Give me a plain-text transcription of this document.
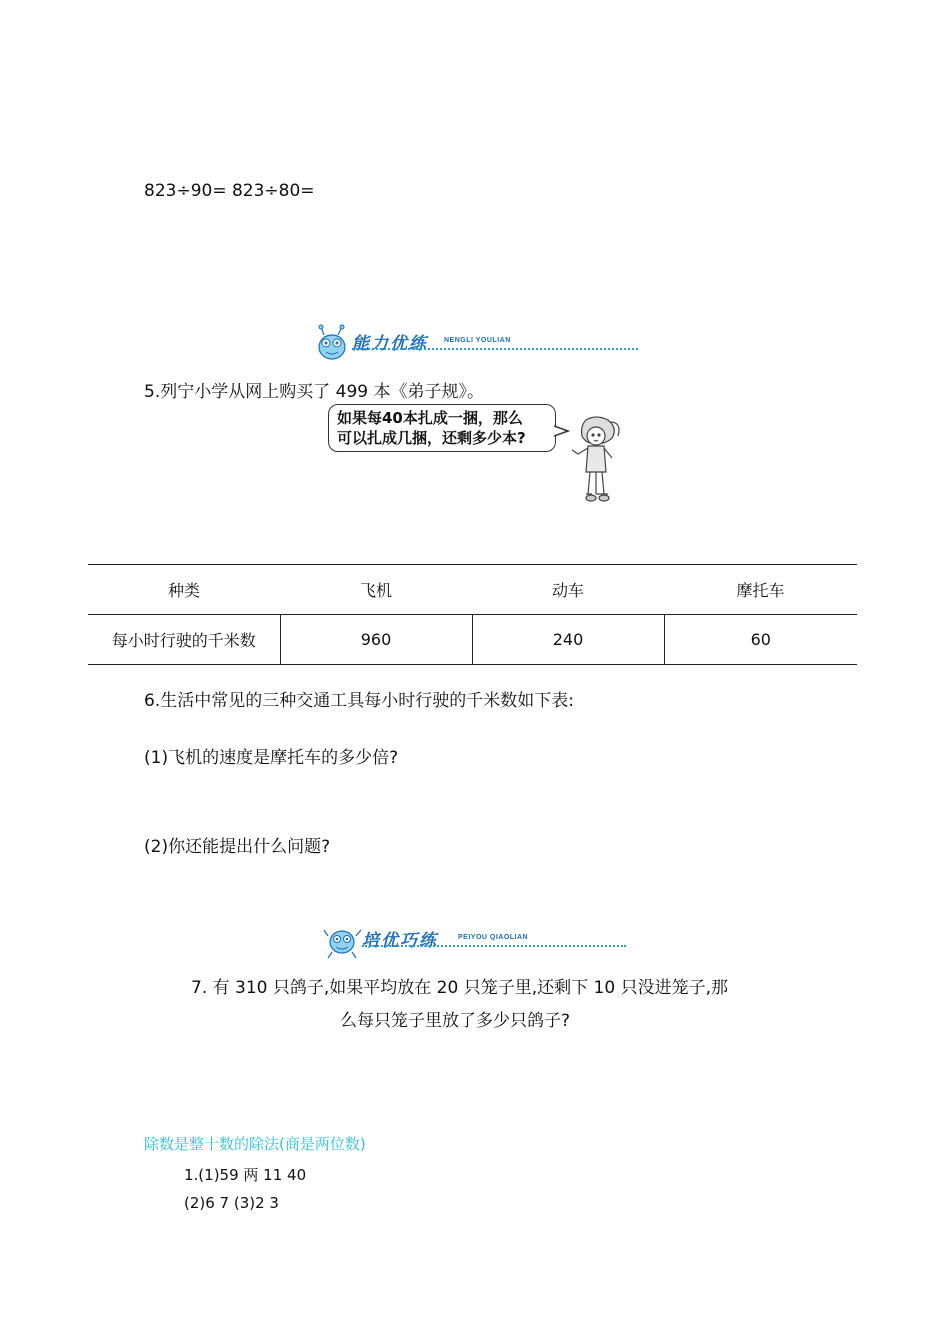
823÷90= 823÷80=
能力优练 NENGLI YOULIAN
5.列宁小学从网上购买了 499 本《弟子规》。
如果每40本扎成一捆，那么
可以扎成几捆，还剩多少本?
种类	飞机	动车	摩托车
每小时行驶的千米数	960	240	60
6.生活中常见的三种交通工具每小时行驶的千米数如下表:
(1)飞机的速度是摩托车的多少倍?
(2)你还能提出什么问题?
培优巧练	PEIYOU QIAOLIAN
7. 有 310 只鸽子,如果平均放在 20 只笼子里,还剩下 10 只没进笼子,那
么每只笼子里放了多少只鸽子?
除数是整十数的除法(商是两位数)
1.(1)59 两 11 40
(2)6 7 (3)2 3
